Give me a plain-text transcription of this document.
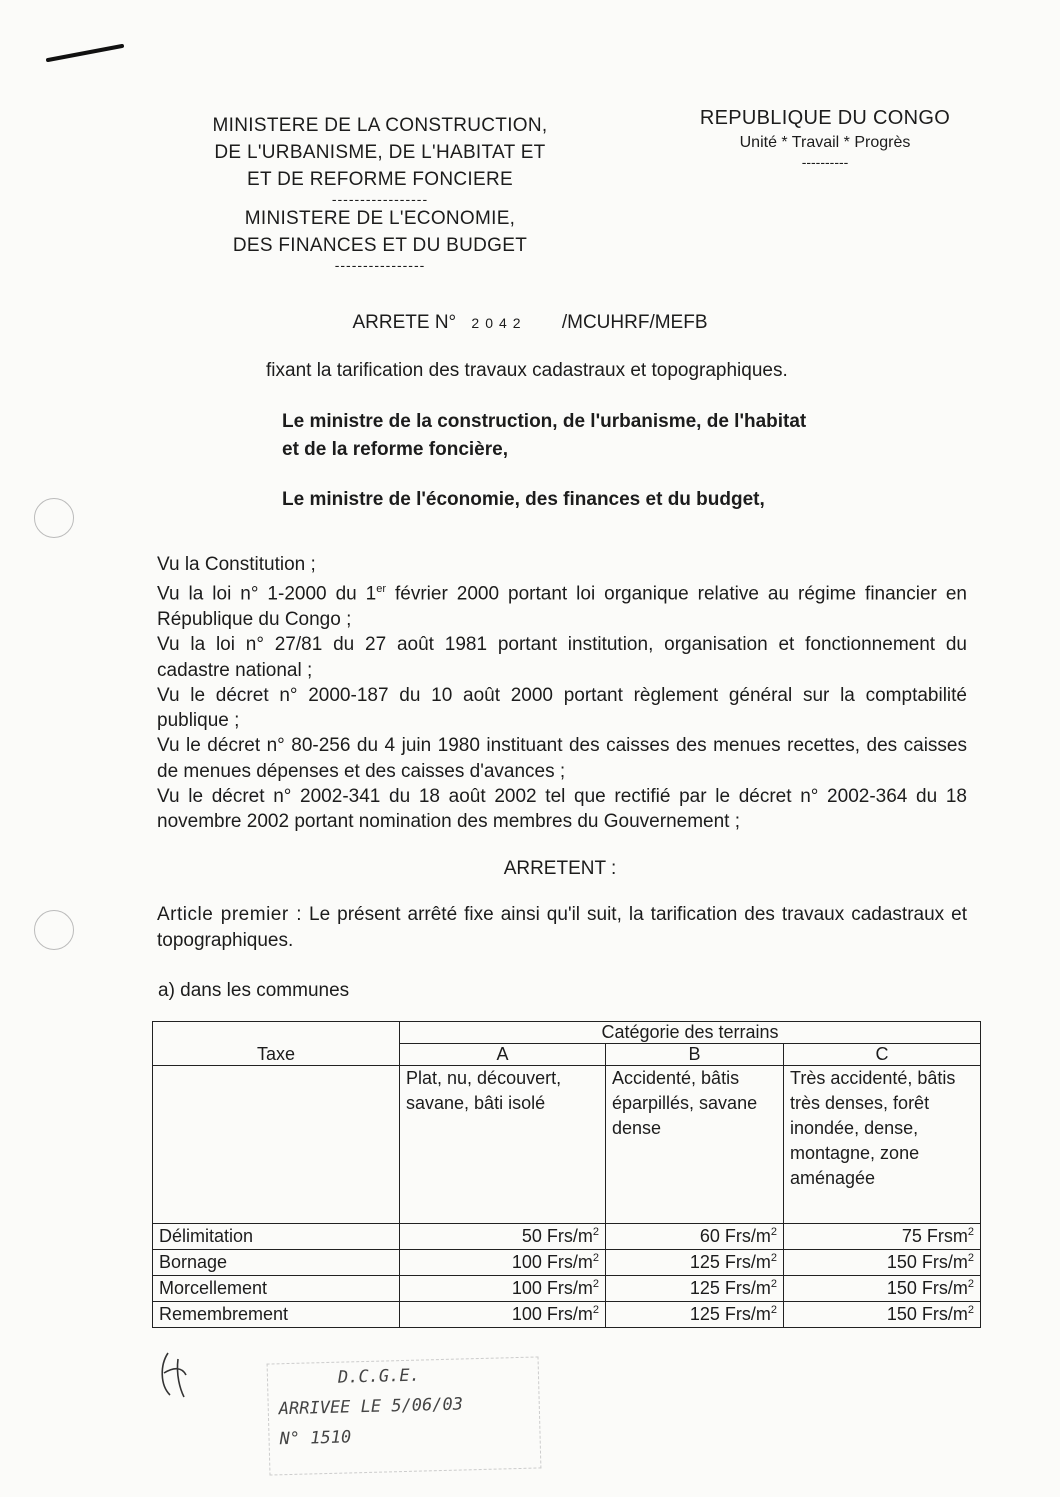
MINISTERE DE LA CONSTRUCTION,
DE L'URBANISME, DE L'HABITAT ET
ET DE REFORME FONCIERE
-----------------
MINISTERE DE L'ECONOMIE,
DES FINANCES ET DU BUDGET
----------------
REPUBLIQUE DU CONGO
Unité * Travail * Progrès
----------
ARRETE N° 2042 /MCUHRF/MEFB
fixant la tarification des travaux cadastraux et topographiques.
Le ministre de la construction, de l'urbanisme, de l'habitat
et de la reforme foncière,
Le ministre de l'économie, des finances et du budget,
Vu la Constitution ;
Vu la loi n° 1-2000 du 1er février 2000 portant loi organique relative au régime financier en République du Congo ;
Vu la loi n° 27/81 du 27 août 1981 portant institution, organisation et fonctionnement du cadastre national ;
Vu le décret n° 2000-187 du 10 août 2000 portant règlement général sur la comptabilité publique ;
Vu le décret n° 80-256 du 4 juin 1980 instituant des caisses des menues recettes, des caisses de menues dépenses et des caisses d'avances ;
Vu le décret n° 2002-341 du 18 août 2002 tel que rectifié par le décret n° 2002-364 du 18 novembre 2002 portant nomination des membres du Gouvernement ;
ARRETENT :
Article premier : Le présent arrêté fixe ainsi qu'il suit, la tarification des travaux cadastraux et topographiques.
a) dans les communes
Taxe	Catégorie des terrains		
	A	B	C
	Plat, nu, découvert, savane, bâti isolé	Accidenté, bâtis éparpillés, savane dense	Très accidenté, bâtis très denses, forêt inondée, dense, montagne, zone aménagée
Délimitation	50 Frs/$m^2$	60 Frs/$m^2$	75 Frsm$^2$
Bornage	100 Frs/$m^2$	125 Frs/$m^2$	150 Frs/$m^2$
Morcellement	100 Frs/$m^2$	125 Frs/$m^2$	150 Frs/$m^2$
Remembrement	100 Frs/$m^2$	125 Frs/$m^2$	150 Frs/$m^2$
D.C.G.E.
ARRIVEE LE 5/06/03
N° 1510
